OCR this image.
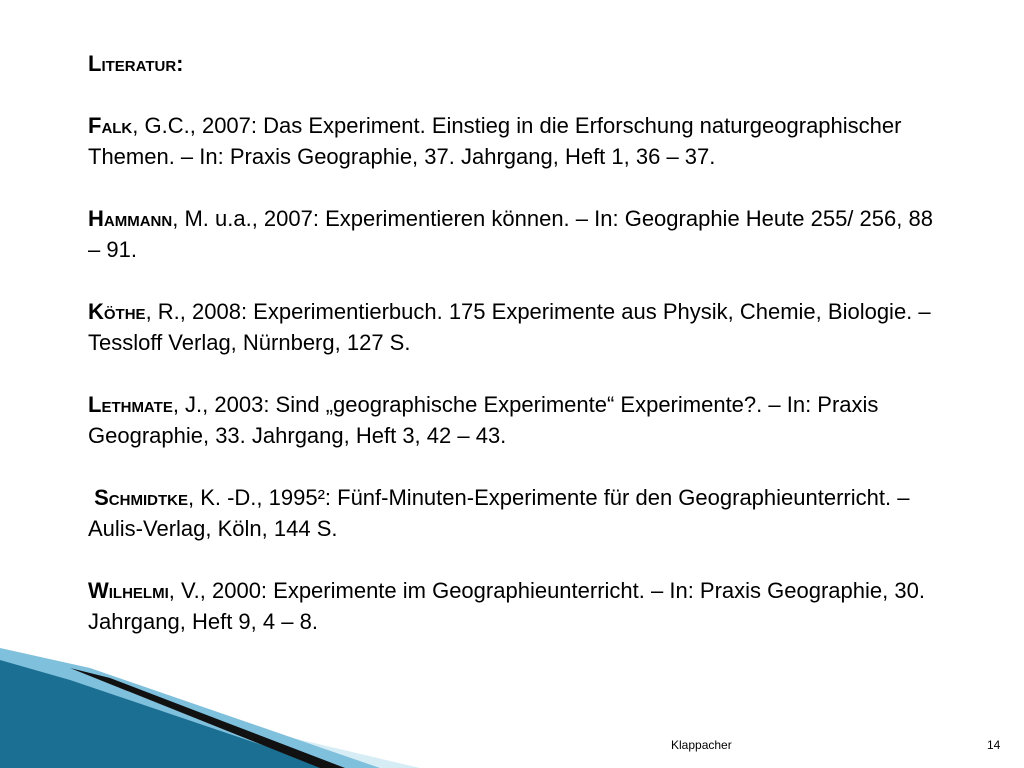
Literatur:

Falk, G.C., 2007: Das Experiment. Einstieg in die Erforschung naturgeographischer Themen. – In: Praxis Geographie, 37. Jahrgang, Heft 1, 36 – 37.

Hammann, M. u.a., 2007: Experimentieren können. – In: Geographie Heute 255/ 256, 88 – 91.

Köthe, R., 2008: Experimentierbuch. 175 Experimente aus Physik, Chemie, Biologie. – Tessloff Verlag, Nürnberg, 127 S.

Lethmate, J., 2003: Sind „geographische Experimente“ Experimente?. – In: Praxis Geographie, 33. Jahrgang, Heft 3, 42 – 43.

Schmidtke, K. -D., 1995²: Fünf-Minuten-Experimente für den Geographieunterricht. – Aulis-Verlag, Köln, 144 S.

Wilhelmi, V., 2000: Experimente im Geographieunterricht. – In: Praxis Geographie, 30. Jahrgang, Heft 9, 4 – 8.

Klappacher	14
